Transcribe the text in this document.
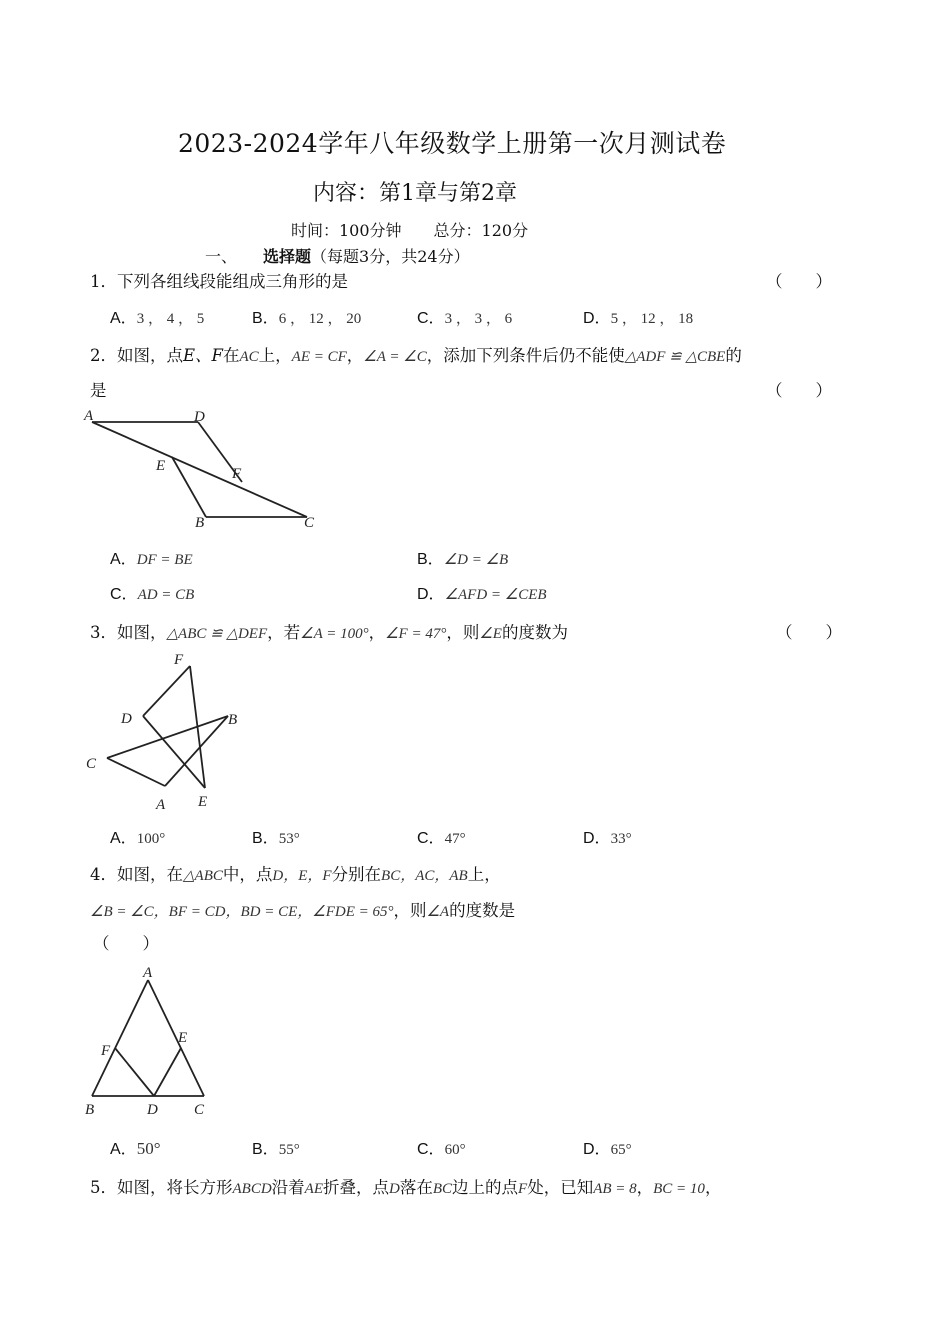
2023-2024学年八年级数学上册第一次月测试卷
内容：第1章与第2章
时间：100分钟　　总分：120分
一、 选择题（每题3分，共24分）
1．下列各组线段能组成三角形的是	（　　）
A．3 ， 4 ， 5	B．6 ， 12 ， 20	C．3 ， 3 ， 6	D．5 ， 12 ， 18
2．如图，点E、F在AC上，AE = CF，∠A = ∠C，添加下列条件后仍不能使△ADF ≌ △CBE的
是	（　　）
A	D
E	F
B	C
A．DF = BE	B．∠D = ∠B
C．AD = CB	D．∠AFD = ∠CEB
3．如图，△ABC ≌ △DEF，若∠A = 100°，∠F = 47°，则∠E的度数为	（　　）
F
D	B
C
A E
A．100°	B．53°	C．47°	D．33°
4．如图，在△ABC中，点D，E，F分别在BC，AC，AB上，
∠B = ∠C，BF = CD，BD = CE，∠FDE = 65°，则∠A的度数是
（　　）
A
E
F
B	D C
A．50°	B．55°	C．60°	D．65°
5．如图，将长方形ABCD沿着AE折叠，点D落在BC边上的点F处，已知AB = 8，BC = 10，
